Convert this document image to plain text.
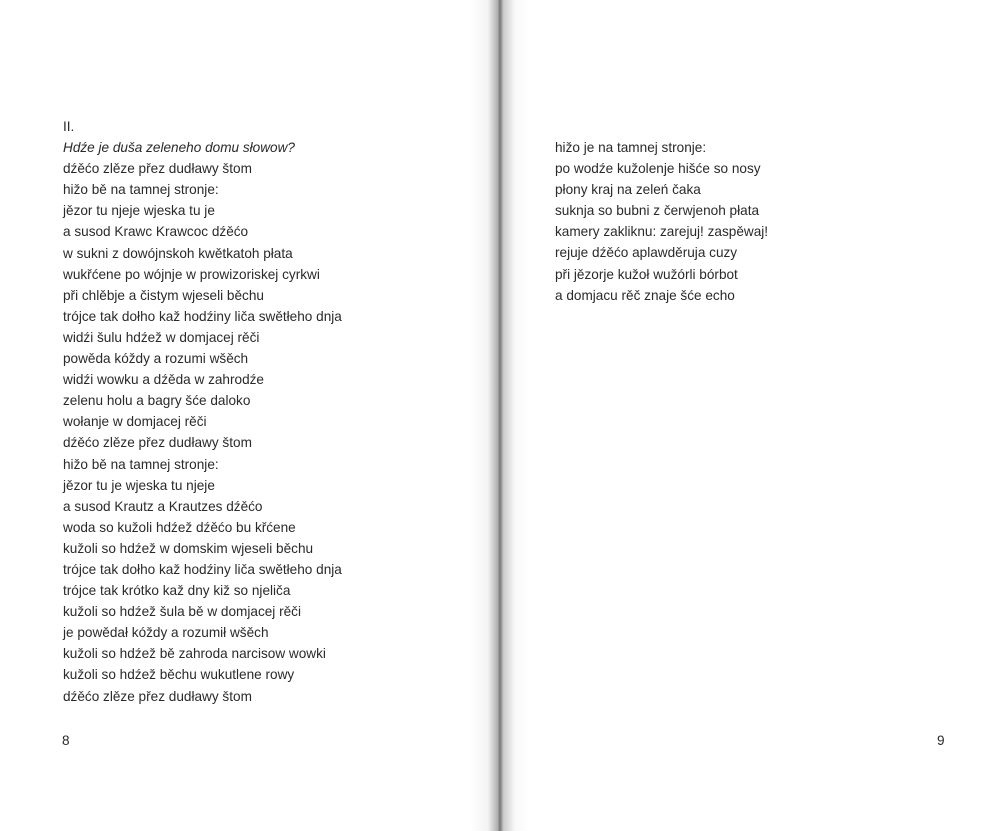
II.
Hdźe je duša zeleneho domu słowow?
dźěćo zlěze přez dudławy štom
hižo bě na tamnej stronje:
jězor tu njeje wjeska tu je
a susod Krawc Krawcoc dźěćo
w sukni z dowójnskoh kwětkatoh płata
wukřćene po wójnje w prowizoriskej cyrkwi
při chlěbje a čistym wjeseli běchu
trójce tak dołho kaž hodźiny liča swětłeho dnja
widźi šulu hdźež w domjacej rěči
powěda kóždy a rozumi wšěch
widźi wowku a dźěda w zahrodźe
zelenu holu a bagry šće daloko
wołanje w domjacej rěči
dźěćo zlěze přez dudławy štom
hižo bě na tamnej stronje:
jězor tu je wjeska tu njeje
a susod Krautz a Krautzes dźěćo
woda so kužoli hdźež dźěćo bu křćene
kužoli so hdźež w domskim wjeseli běchu
trójce tak dołho kaž hodźiny liča swětłeho dnja
trójce tak krótko kaž dny kiž so njeliča
kužoli so hdźež šula bě w domjacej rěči
je powědał kóždy a rozumił wšěch
kužoli so hdźež bě zahroda narcisow wowki
kužoli so hdźež běchu wukutlene rowy
dźěćo zlěze přez dudławy štom
8
hižo je na tamnej stronje:
po wodźe kužolenje hišće so nosy
płony kraj na zeleń čaka
suknja so bubni z čerwjenoh płata
kamery zakliknu: zarejuj! zaspěwaj!
rejuje dźěćo aplawděruja cuzy
při jězorje kužoł wužórli bórbot
a domjacu rěč znaje šće echo
9
